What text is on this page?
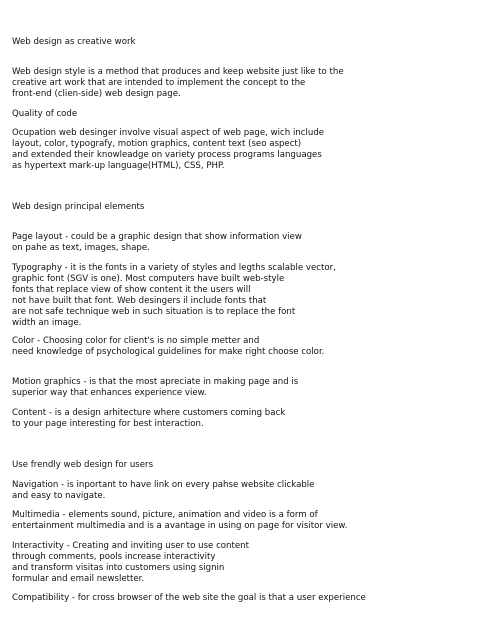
Web design as creative work

Web design style is a method that produces and keep website just like to the
creative art work that are intended to implement the concept to the
front-end (clien-side) web design page.

Quality of code

Ocupation web desinger involve visual aspect of web page, wich include
layout, color, typografy, motion graphics, content text (seo aspect)
and extended their knowleadge on variety process programs languages
as hypertext mark-up language(HTML), CSS, PHP.

Web design principal elements

Page layout - could be a graphic design that show information view
on pahe as text, images, shape.

Typography - it is the fonts in a variety of styles and legths scalable vector,
graphic font (SGV is one). Most computers have built web-style
fonts that replace view of show content it the users will
not have built that font. Web desingers il include fonts that
are not safe technique web in such situation is to replace the font
width an image.

Color - Choosing color for client's is no simple metter and
need knowledge of psychological guidelines for make right choose color.

Motion graphics - is that the most apreciate in making page and is
superior way that enhances experience view.

Content - is a design arhitecture where customers coming back
to your page interesting for best interaction.

Use frendly web design for users

Navigation - is inportant to have link on every pahse website clickable
and easy to navigate.

Multimedia - elements sound, picture, animation and video is a form of
entertainment multimedia and is a avantage in using on page for visitor view.

Interactivity - Creating and inviting user to use content
through comments, pools increase interactivity
and transform visitas into customers using signin
formular and email newsletter.

Compatibility - for cross browser of the web site the goal is that a user experience
